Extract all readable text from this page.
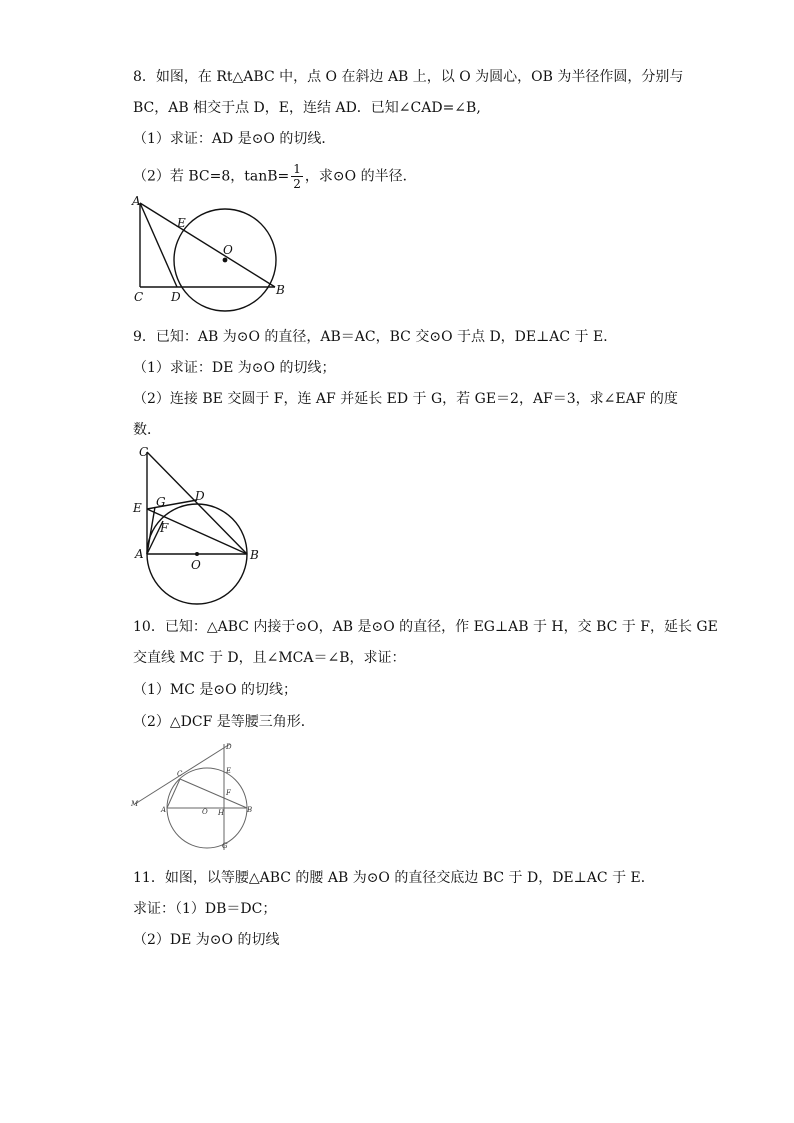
8．如图，在 Rt△ABC 中，点 O 在斜边 AB 上，以 O 为圆心，OB 为半径作圆，分别与
BC，AB 相交于点 D，E，连结 AD．已知∠CAD=∠B,
（1）求证：AD 是⊙O 的切线．
（2）若 BC=8，$\tan B= \frac{1}{2}$ ，求⊙O 的半径．
A
E
O
C D	B
9．已知：AB 为⊙O 的直径，AB＝AC，BC 交⊙O 于点 D，DE⊥AC 于 E．
（1）求证：DE 为⊙O 的切线；
（2）连接 BE 交圆于 F，连 AF 并延长 ED 于 G，若 GE＝2，AF＝3，求∠EAF 的度
数．
C
D
G
E
F
A
O
B
10．已知：△ABC 内接于⊙O，AB 是⊙O 的直径，作 EG⊥AB 于 H，交 BC 于 F，延长 GE
交直线 MC 于 D，且∠MCA＝∠B，求证：
（1）MC 是⊙O 的切线；
（2）△DCF 是等腰三角形．
D
C	E
F
M
A	O H	B
G
11．如图，以等腰△ABC 的腰 AB 为⊙O 的直径交底边 BC 于 D，DE⊥AC 于 E．
求证：（1）DB＝DC；
（2）DE 为⊙O 的切线
